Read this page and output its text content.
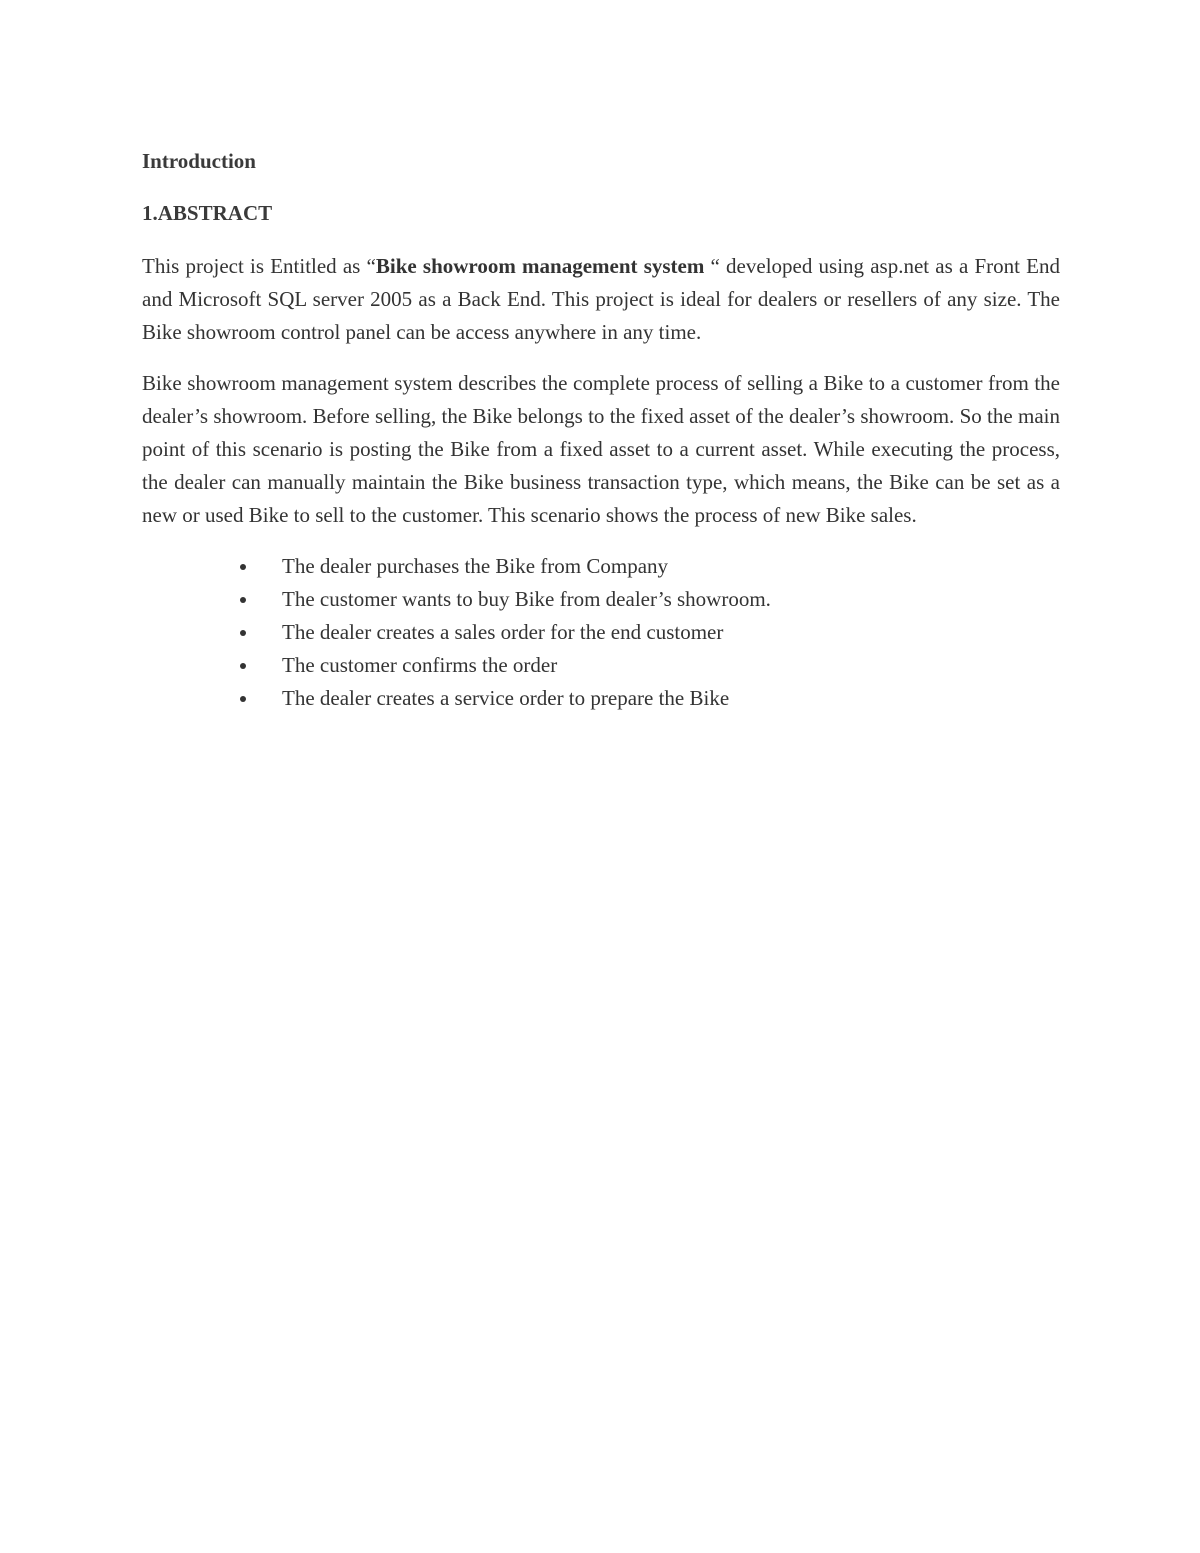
Introduction

1.ABSTRACT

This project is Entitled as “Bike showroom management system “ developed using asp.net as a Front End and Microsoft SQL server 2005 as a Back End. This project is ideal for dealers or resellers of any size. The Bike showroom control panel can be access anywhere in any time.

Bike showroom management system describes the complete process of selling a Bike to a customer from the dealer’s showroom. Before selling, the Bike belongs to the fixed asset of the dealer’s showroom. So the main point of this scenario is posting the Bike from a fixed asset to a current asset. While executing the process, the dealer can manually maintain the Bike business transaction type, which means, the Bike can be set as a new or used Bike to sell to the customer. This scenario shows the process of new Bike sales.

The dealer purchases the Bike from Company
The customer wants to buy Bike from dealer’s showroom.
The dealer creates a sales order for the end customer
The customer confirms the order
The dealer creates a service order to prepare the Bike
